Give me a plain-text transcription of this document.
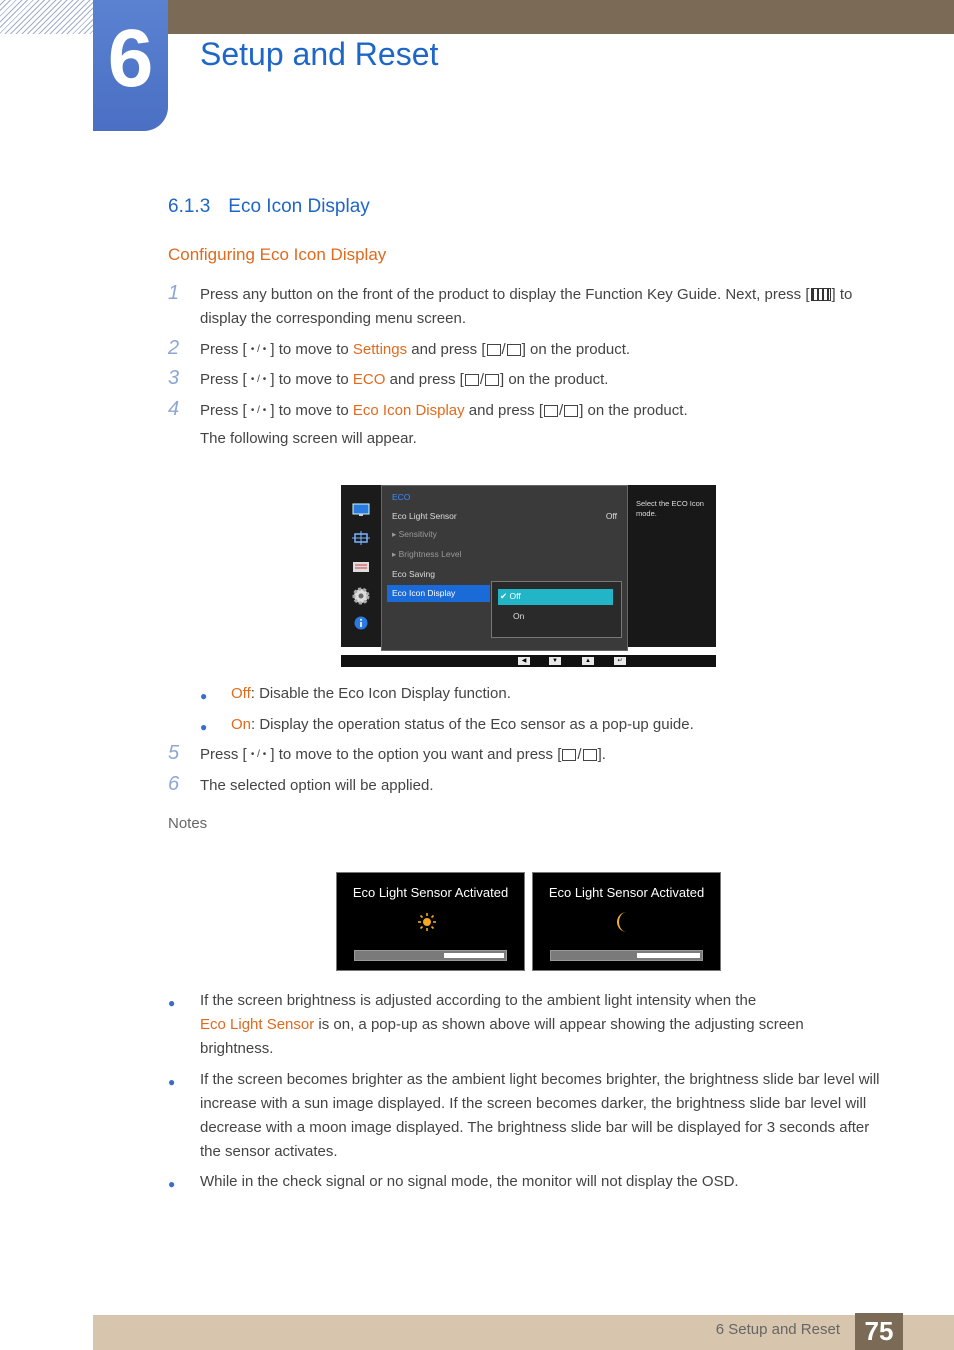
6	Setup and Reset
6.1.3 Eco Icon Display
Configuring Eco Icon Display
1 Press any button on the front of the product to display the Function Key Guide. Next, press [ ] to
display the corresponding menu screen.
2 Press [ • / • ] to move to Settings and press [ / ] on the product.
3 Press [ • / • ] to move to ECO and press [ / ] on the product.
4 Press [ • / • ] to move to Eco Icon Display and press [ / ] on the product.
The following screen will appear.
ECO
Eco Light Sensor	Off
▸ Sensitivity
▸ Brightness Level
Eco Saving
Eco Icon Display	✔ Off
On
Select the ECO Icon mode.
◀	▼	▲	↵
● Off: Disable the Eco Icon Display function.
● On: Display the operation status of the Eco sensor as a pop-up guide.
5 Press [ • / • ] to move to the option you want and press [ / ].
6 The selected option will be applied.
Notes
Eco Light Sensor Activated	Eco Light Sensor Activated
● If the screen brightness is adjusted according to the ambient light intensity when the
Eco Light Sensor is on, a pop-up as shown above will appear showing the adjusting screen
brightness.
● If the screen becomes brighter as the ambient light becomes brighter, the brightness slide bar level will increase with a sun image displayed. If the screen becomes darker, the brightness slide bar level will decrease with a moon image displayed. The brightness slide bar will be displayed for 3 seconds after the sensor activates.
● While in the check signal or no signal mode, the monitor will not display the OSD.
6 Setup and Reset 75
